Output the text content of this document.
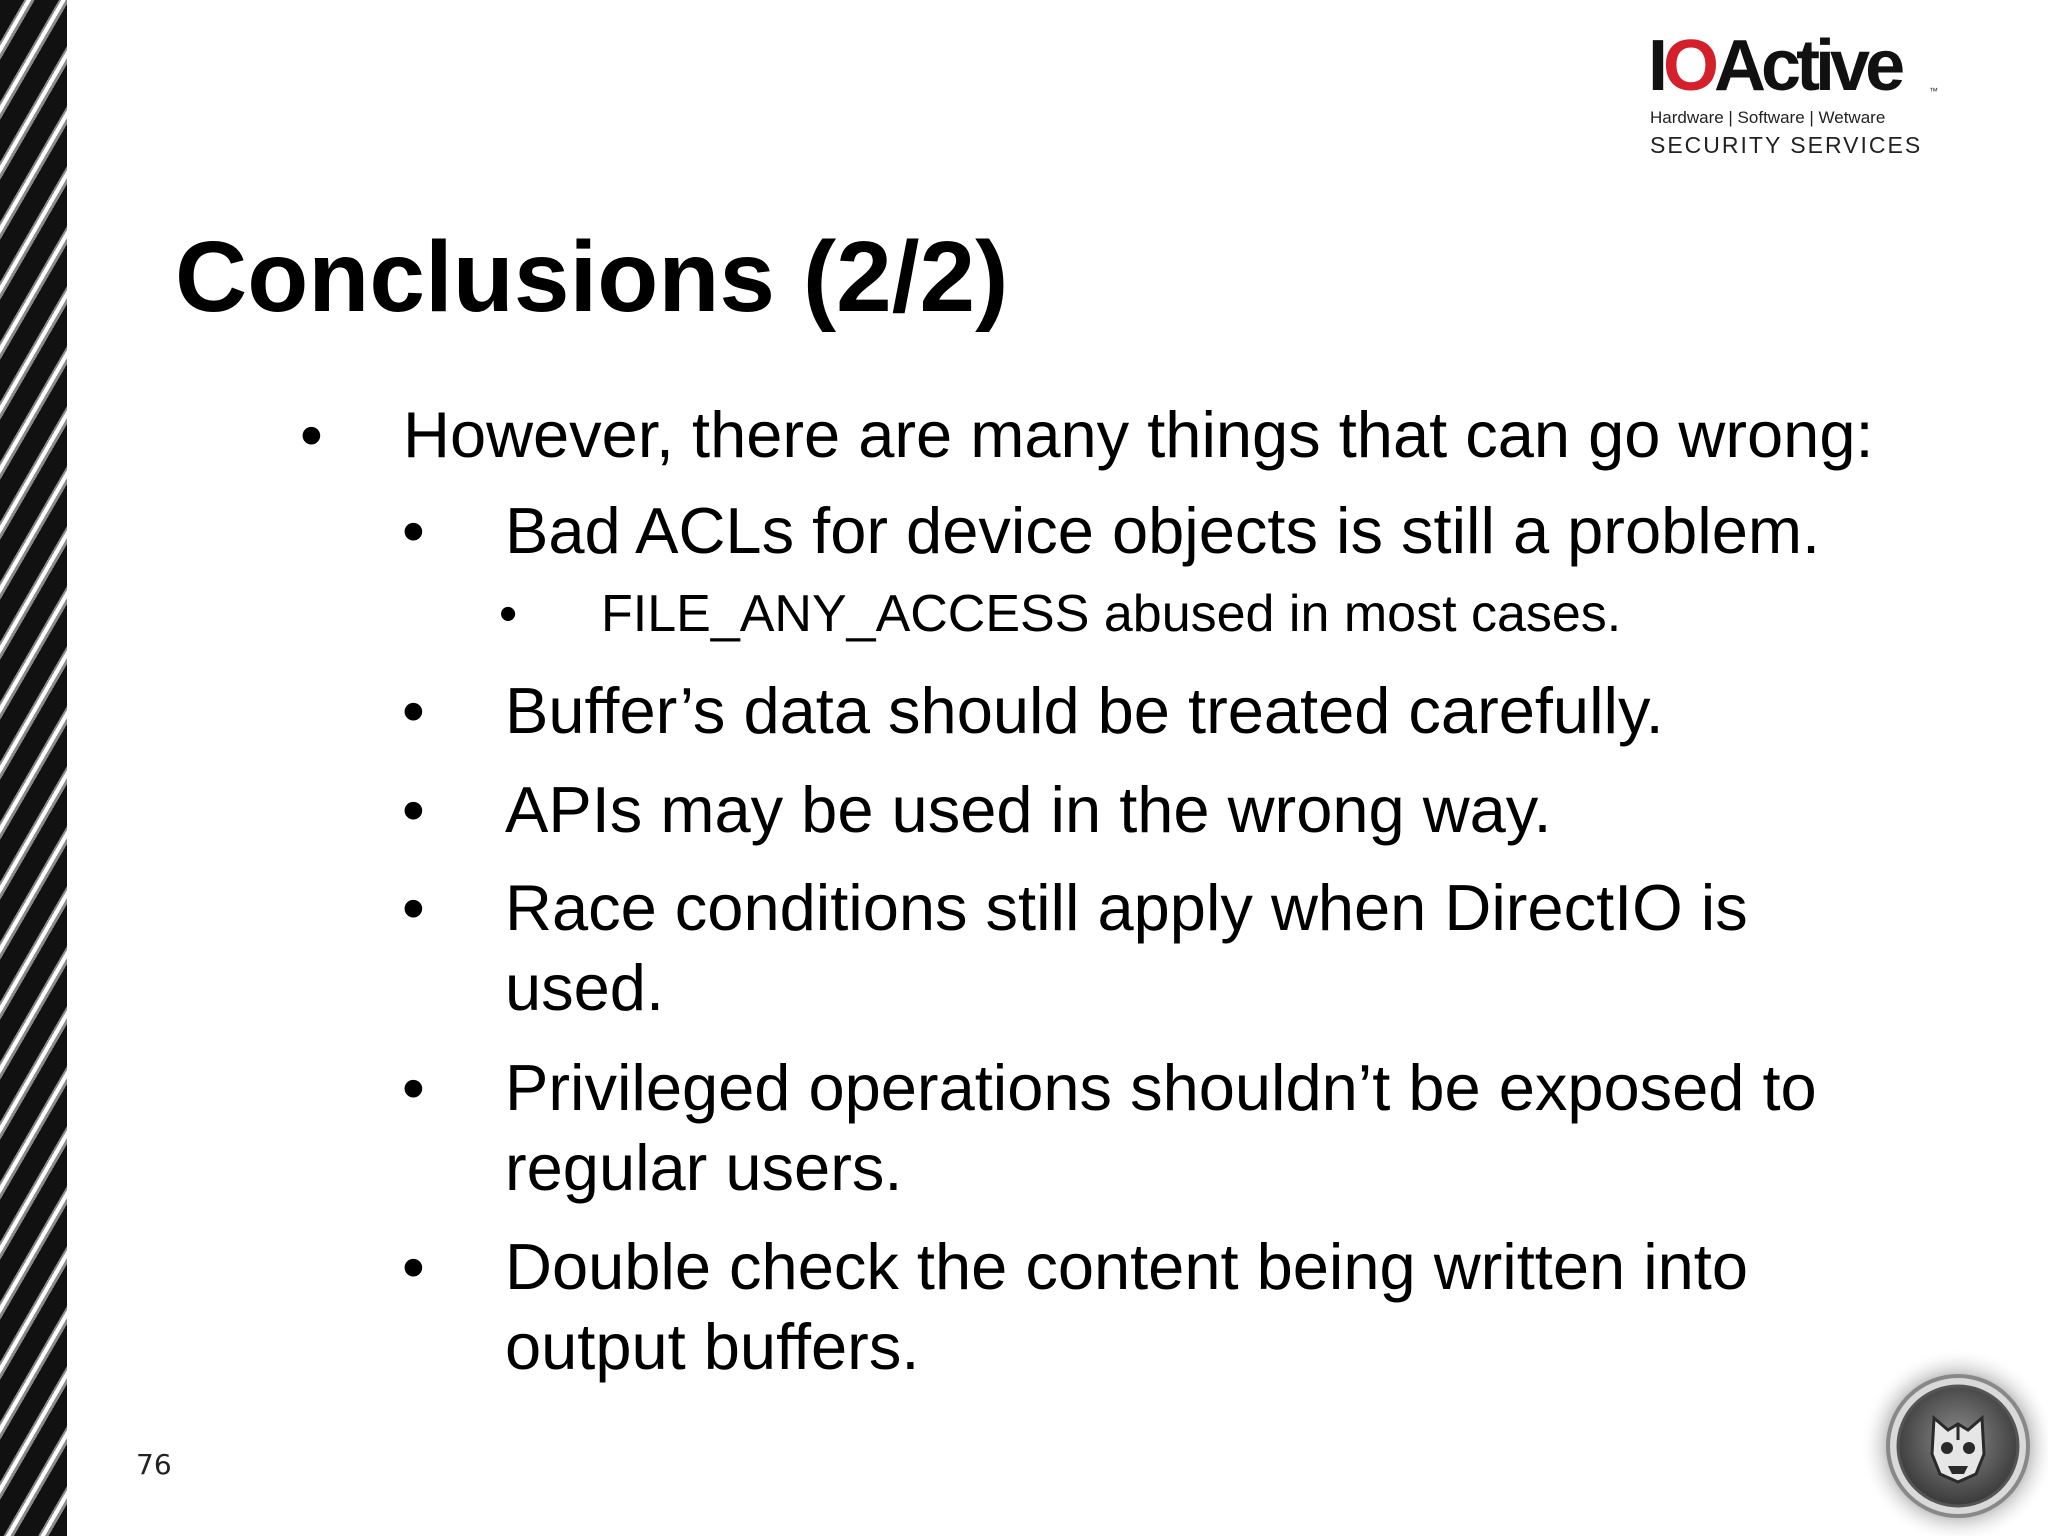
IOActive	™
Hardware | Software | Wetware
SECURITY SERVICES
Conclusions (2/2)
• However, there are many things that can go wrong:
• Bad ACLs for device objects is still a problem.
• FILE_ANY_ACCESS abused in most cases.
• Buffer’s data should be treated carefully.
• APIs may be used in the wrong way.
• Race conditions still apply when DirectIO is
used.
• Privileged operations shouldn’t be exposed to
regular users.
• Double check the content being written into
output buffers.
76
